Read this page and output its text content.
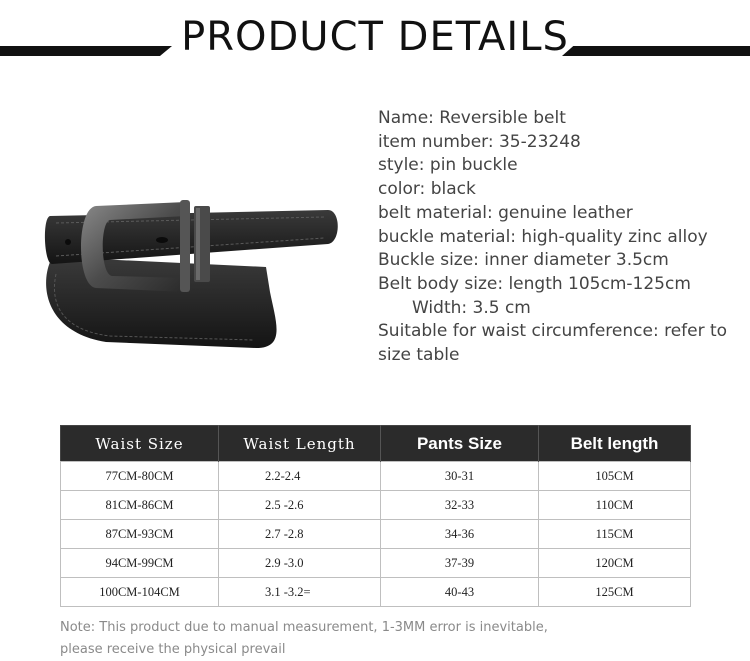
PRODUCT DETAILS
Name: Reversible belt
item number: 35-23248
style: pin buckle
color: black
belt material: genuine leather
buckle material: high-quality zinc alloy
Buckle size: inner diameter 3.5cm
Belt body size: length 105cm-125cm
Width: 3.5 cm
Suitable for waist circumference: refer to
size table
Waist Size	Waist Length	Pants Size	Belt length
77CM-80CM	2.2-2.4	30-31	105CM
81CM-86CM	2.5 -2.6	32-33	110CM
87CM-93CM	2.7 -2.8	34-36	115CM
94CM-99CM	2.9 -3.0	37-39	120CM
100CM-104CM	3.1 -3.2=	40-43	125CM
Note: This product due to manual measurement, 1-3MM error is inevitable,
please receive the physical prevail
